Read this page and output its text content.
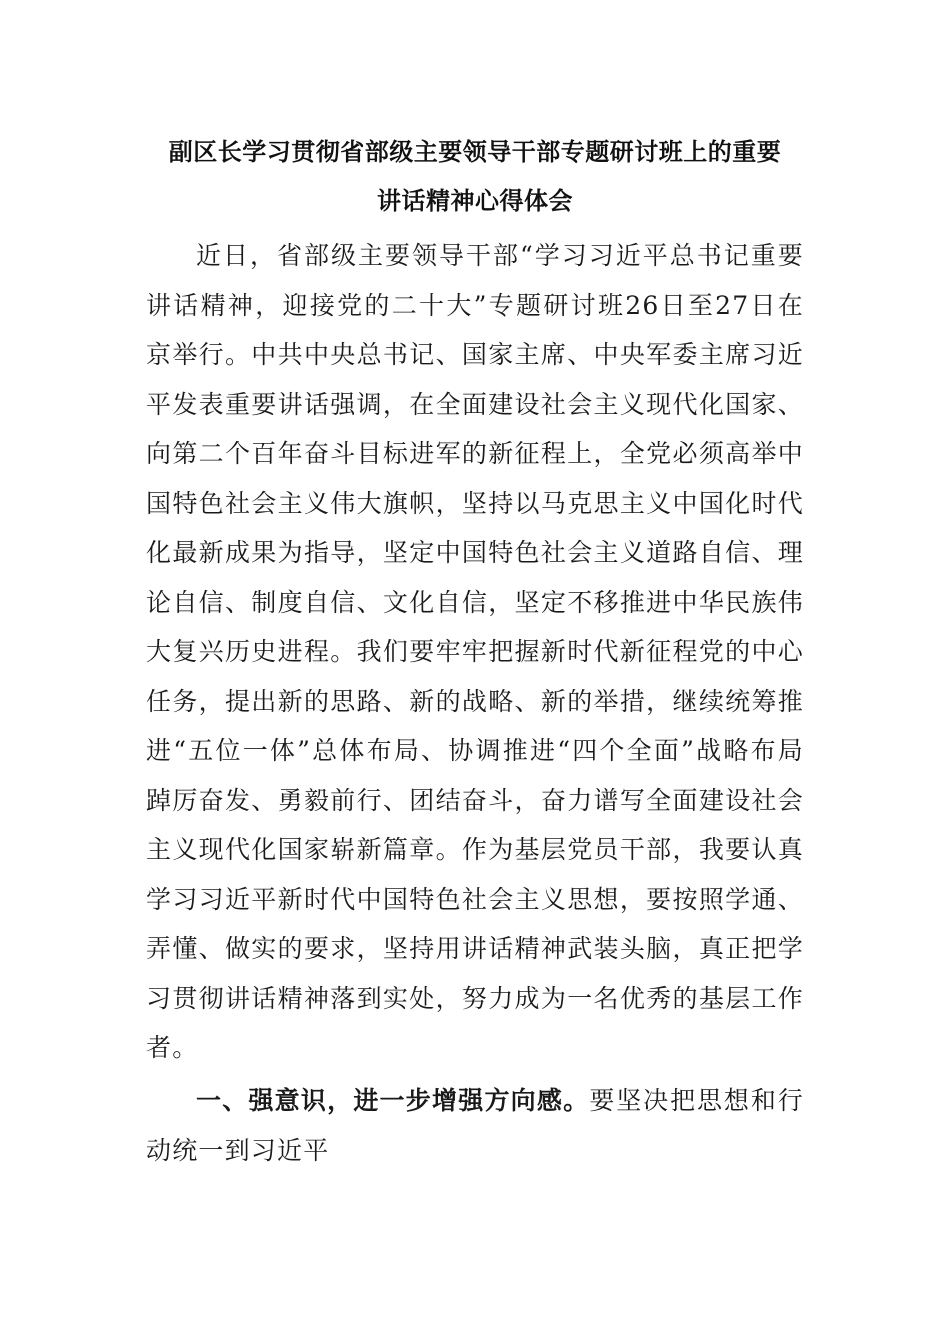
副区长学习贯彻省部级主要领导干部专题研讨班上的重要
讲话精神心得体会

近日，省部级主要领导干部“学习习近平总书记重要讲话精神，迎接党的二十大”专题研讨班26日至27日在京举行。中共中央总书记、国家主席、中央军委主席习近平发表重要讲话强调，在全面建设社会主义现代化国家、向第二个百年奋斗目标进军的新征程上，全党必须高举中国特色社会主义伟大旗帜，坚持以马克思主义中国化时代化最新成果为指导，坚定中国特色社会主义道路自信、理论自信、制度自信、文化自信，坚定不移推进中华民族伟大复兴历史进程。我们要牢牢把握新时代新征程党的中心任务，提出新的思路、新的战略、新的举措，继续统筹推进“五位一体”总体布局、协调推进“四个全面”战略布局踔厉奋发、勇毅前行、团结奋斗，奋力谱写全面建设社会主义现代化国家崭新篇章。作为基层党员干部，我要认真学习习近平新时代中国特色社会主义思想，要按照学通、弄懂、做实的要求，坚持用讲话精神武装头脑，真正把学习贯彻讲话精神落到实处，努力成为一名优秀的基层工作者。

一、强意识，进一步增强方向感。要坚决把思想和行动统一到习近平
